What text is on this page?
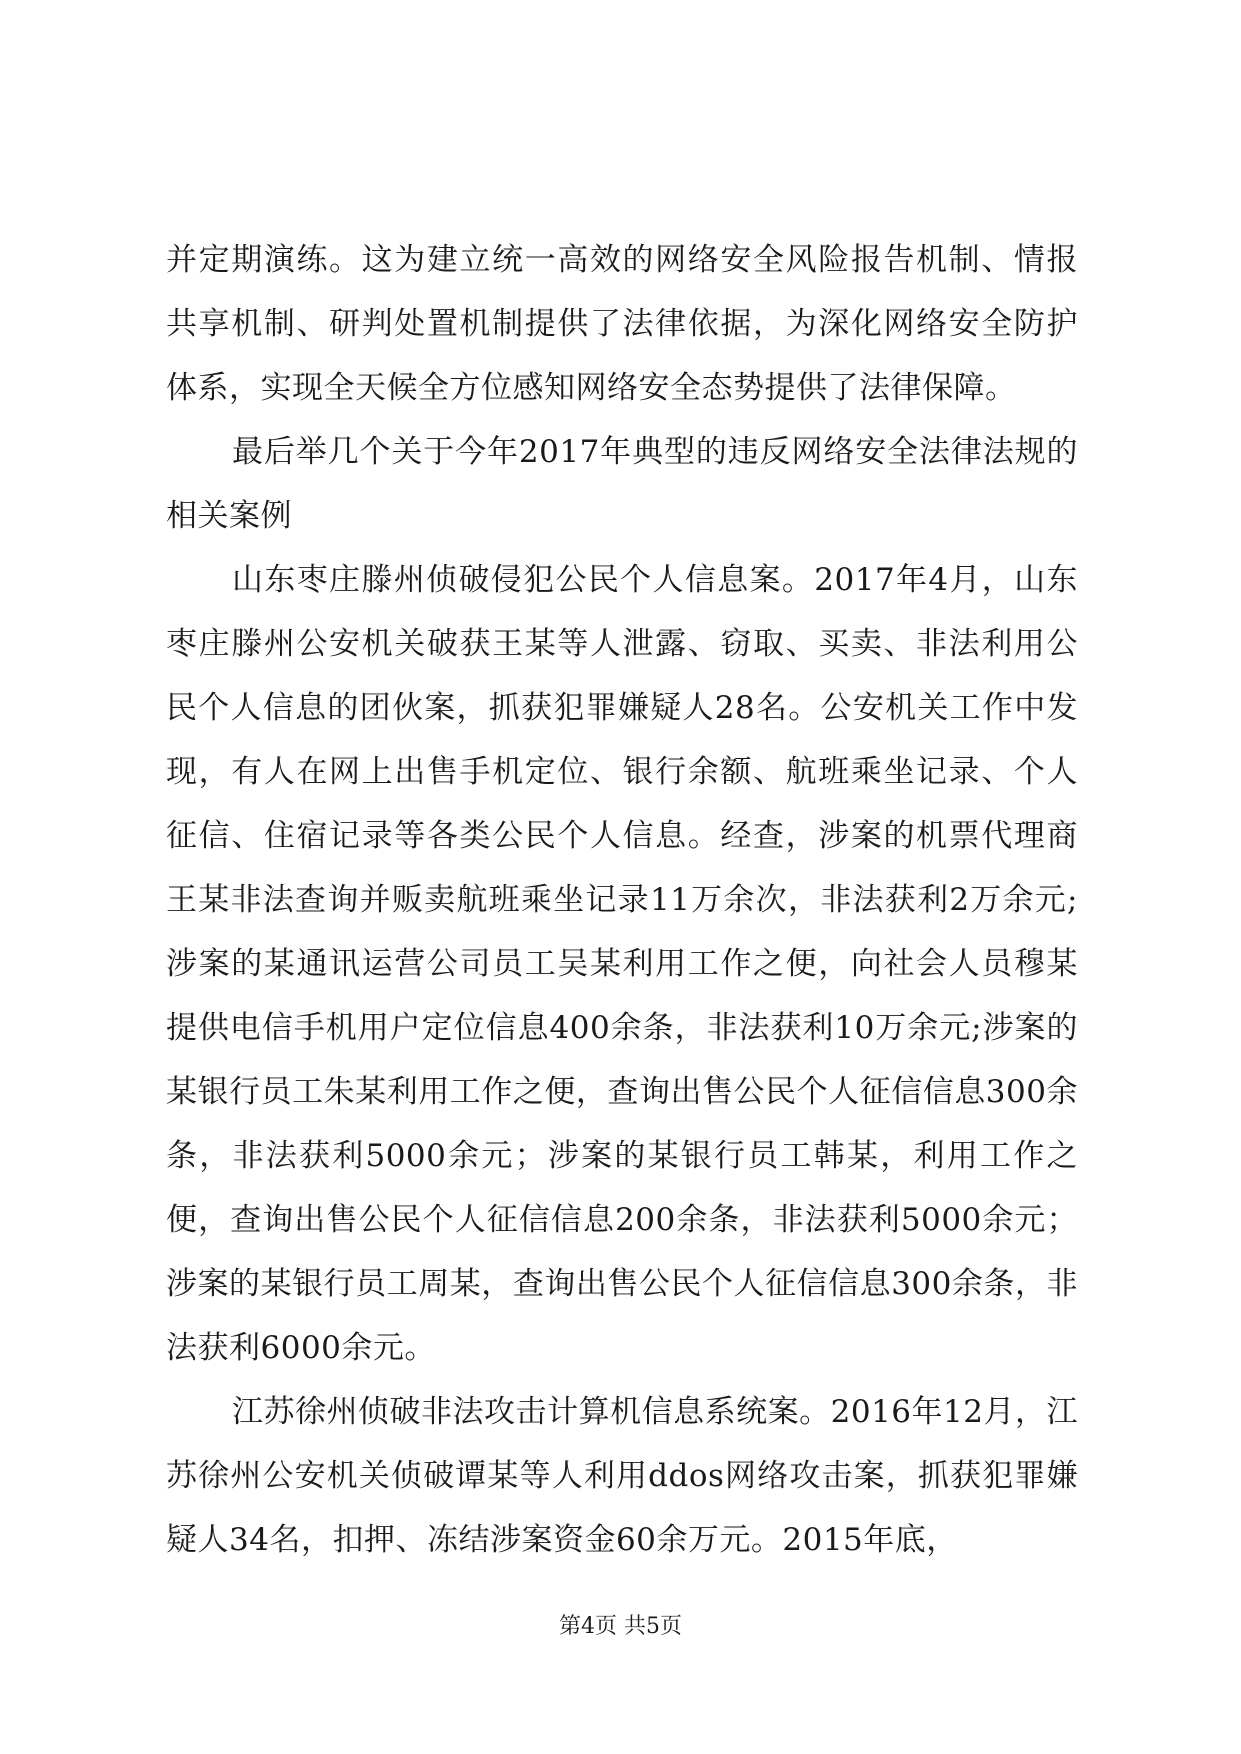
并定期演练。这为建立统一高效的网络安全风险报告机制、情报共享机制、研判处置机制提供了法律依据，为深化网络安全防护体系，实现全天候全方位感知网络安全态势提供了法律保障。

最后举几个关于今年2017年典型的违反网络安全法律法规的相关案例

山东枣庄滕州侦破侵犯公民个人信息案。2017年4月，山东枣庄滕州公安机关破获王某等人泄露、窃取、买卖、非法利用公民个人信息的团伙案，抓获犯罪嫌疑人28名。公安机关工作中发现，有人在网上出售手机定位、银行余额、航班乘坐记录、个人征信、住宿记录等各类公民个人信息。经查，涉案的机票代理商王某非法查询并贩卖航班乘坐记录11万余次，非法获利2万余元;涉案的某通讯运营公司员工吴某利用工作之便，向社会人员穆某提供电信手机用户定位信息400余条，非法获利10万余元;涉案的某银行员工朱某利用工作之便，查询出售公民个人征信信息300余条，非法获利5000余元；涉案的某银行员工韩某，利用工作之便，查询出售公民个人征信信息200余条，非法获利5000余元；涉案的某银行员工周某，查询出售公民个人征信信息300余条，非法获利6000余元。

江苏徐州侦破非法攻击计算机信息系统案。2016年12月，江苏徐州公安机关侦破谭某等人利用ddos网络攻击案，抓获犯罪嫌疑人34名，扣押、冻结涉案资金60余万元。2015年底，

第4页 共5页
